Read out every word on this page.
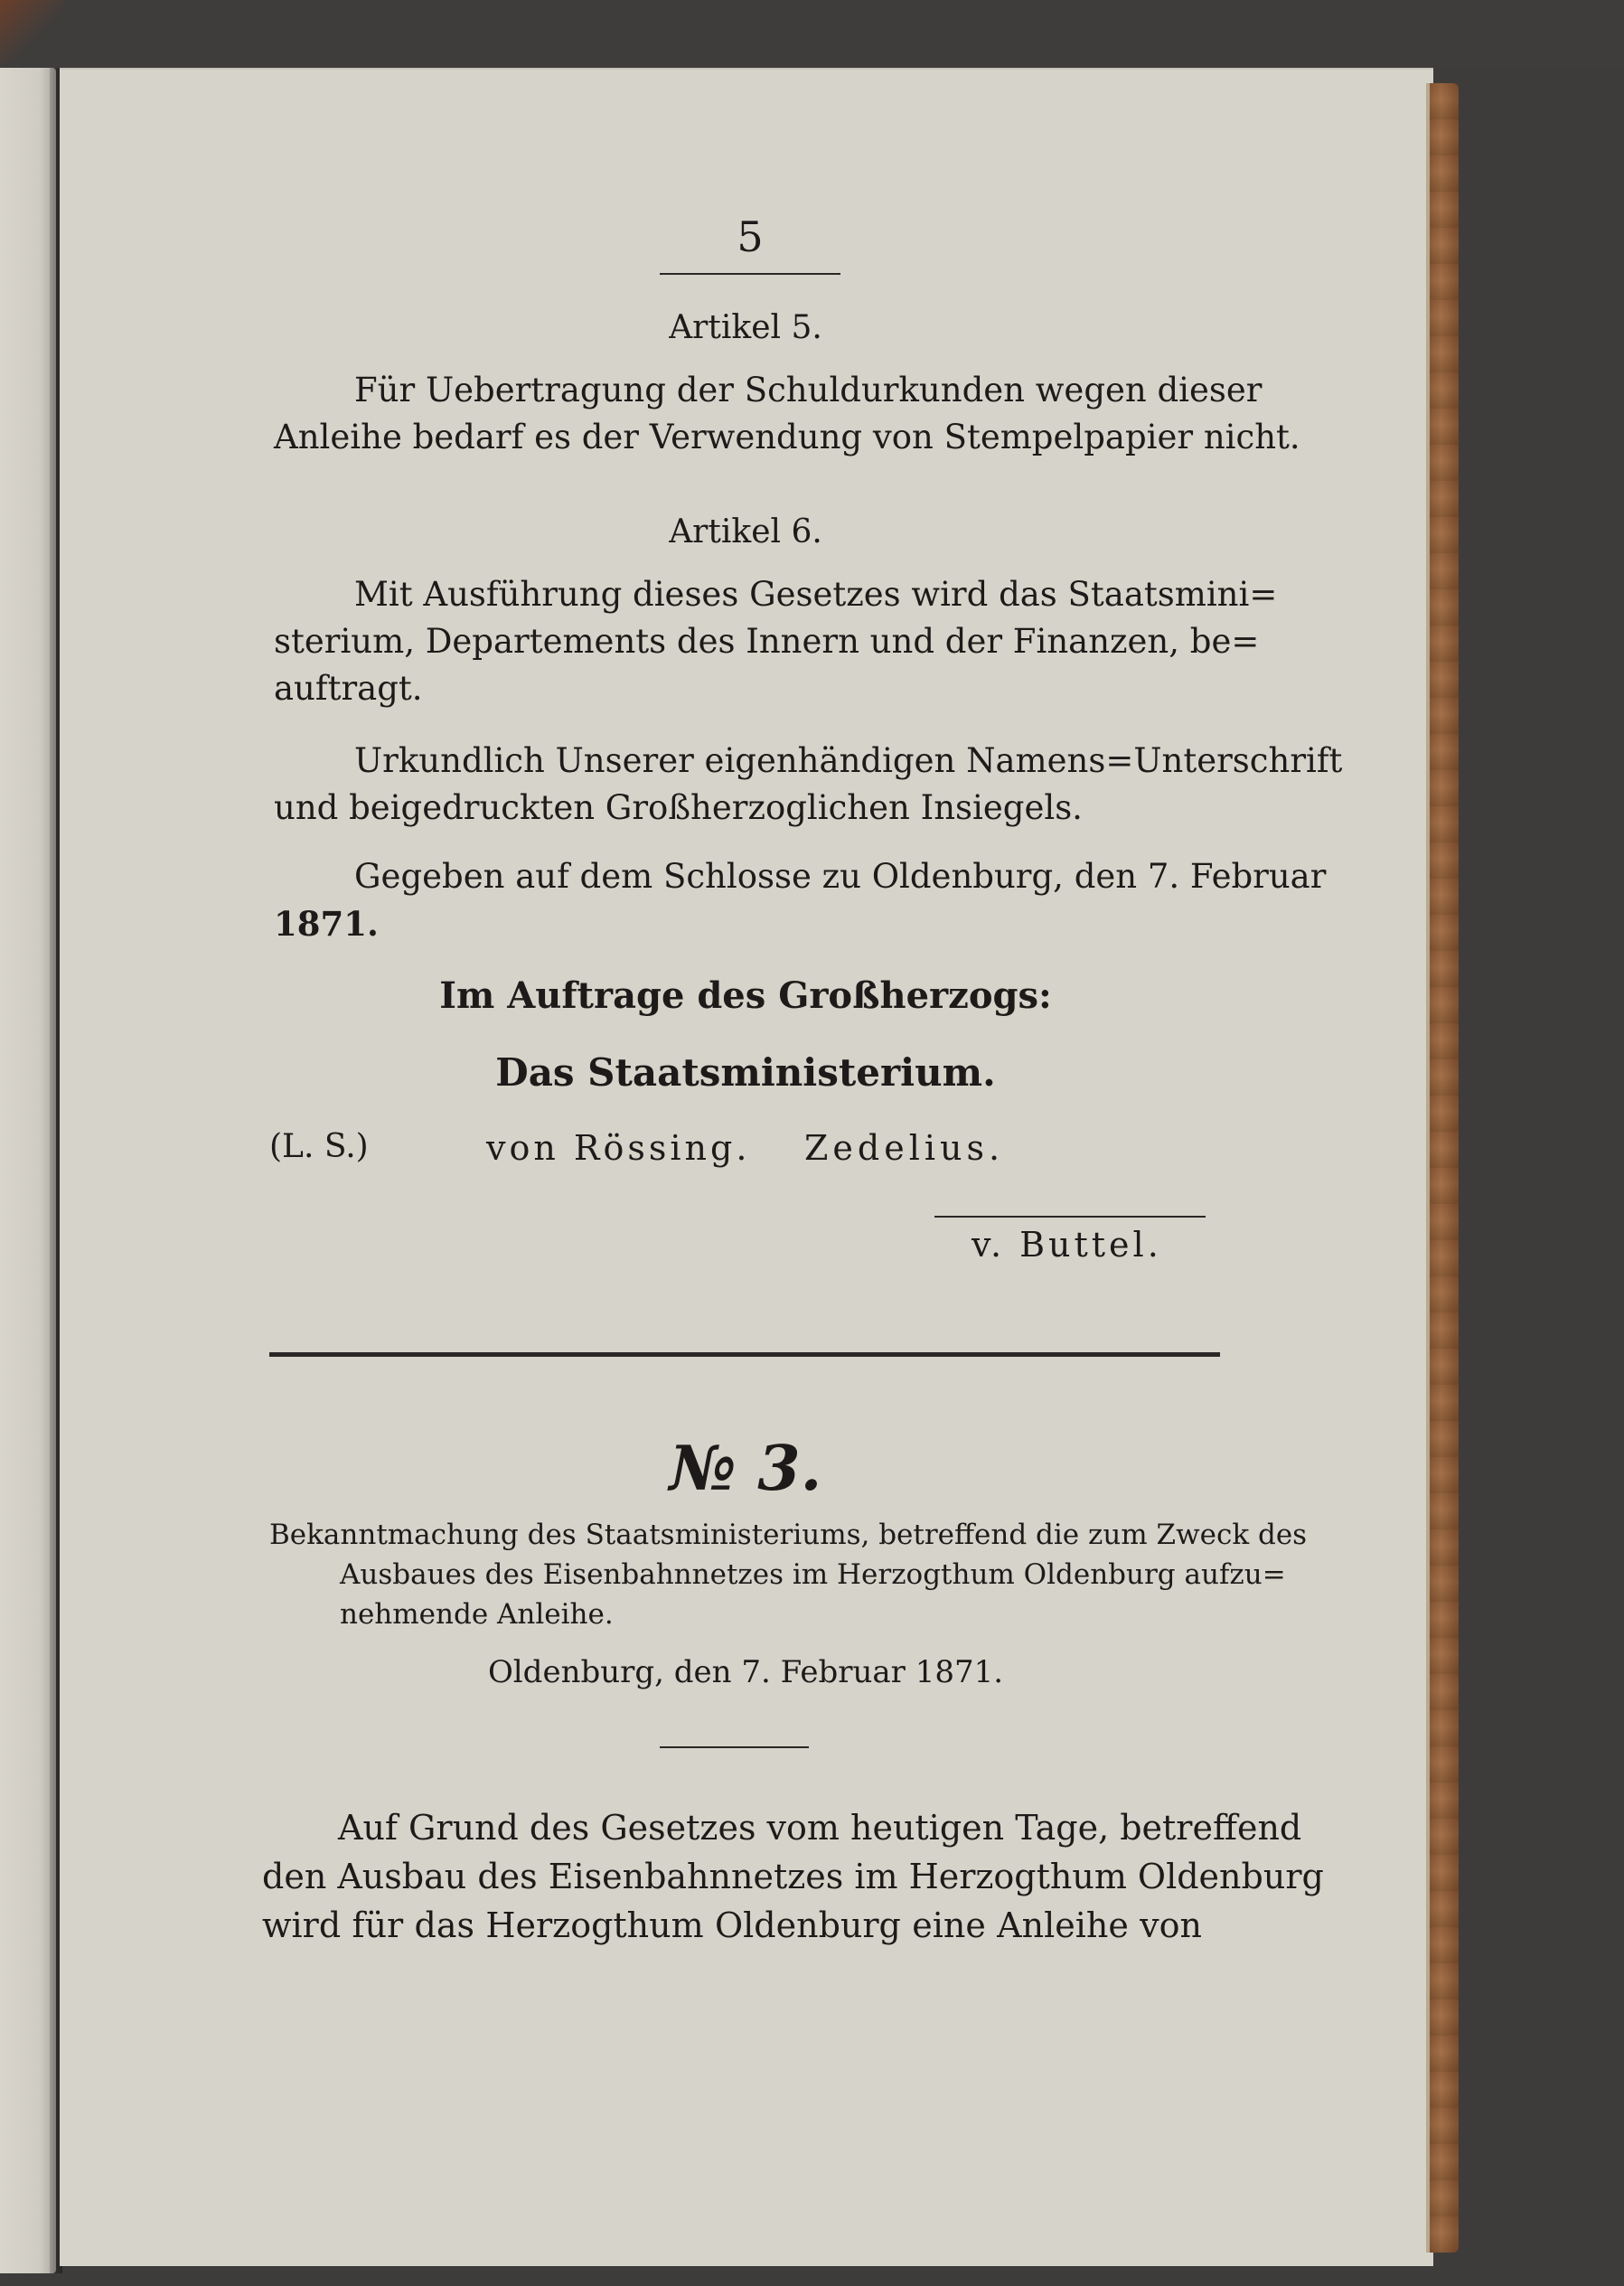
5
Artikel 5.
Für Uebertragung der Schuldurkunden wegen dieser
Anleihe bedarf es der Verwendung von Stempelpapier nicht.
Artikel 6.
Mit Ausführung dieses Gesetzes wird das Staatsmini=
sterium, Departements des Innern und der Finanzen, be=
auftragt.
Urkundlich Unserer eigenhändigen Namens=Unterschrift
und beigedruckten Großherzoglichen Insiegels.
Gegeben auf dem Schlosse zu Oldenburg, den 7. Februar
1871.
Im Auftrage des Großherzogs:
Das Staatsministerium.
(L. S.)	von Rössing. Zedelius.
v. Buttel.
№ 3.
Bekanntmachung des Staatsministeriums, betreffend die zum Zweck des
Ausbaues des Eisenbahnnetzes im Herzogthum Oldenburg aufzu=
nehmende Anleihe.
Oldenburg, den 7. Februar 1871.
Auf Grund des Gesetzes vom heutigen Tage, betreffend
den Ausbau des Eisenbahnnetzes im Herzogthum Oldenburg
wird für das Herzogthum Oldenburg eine Anleihe von
